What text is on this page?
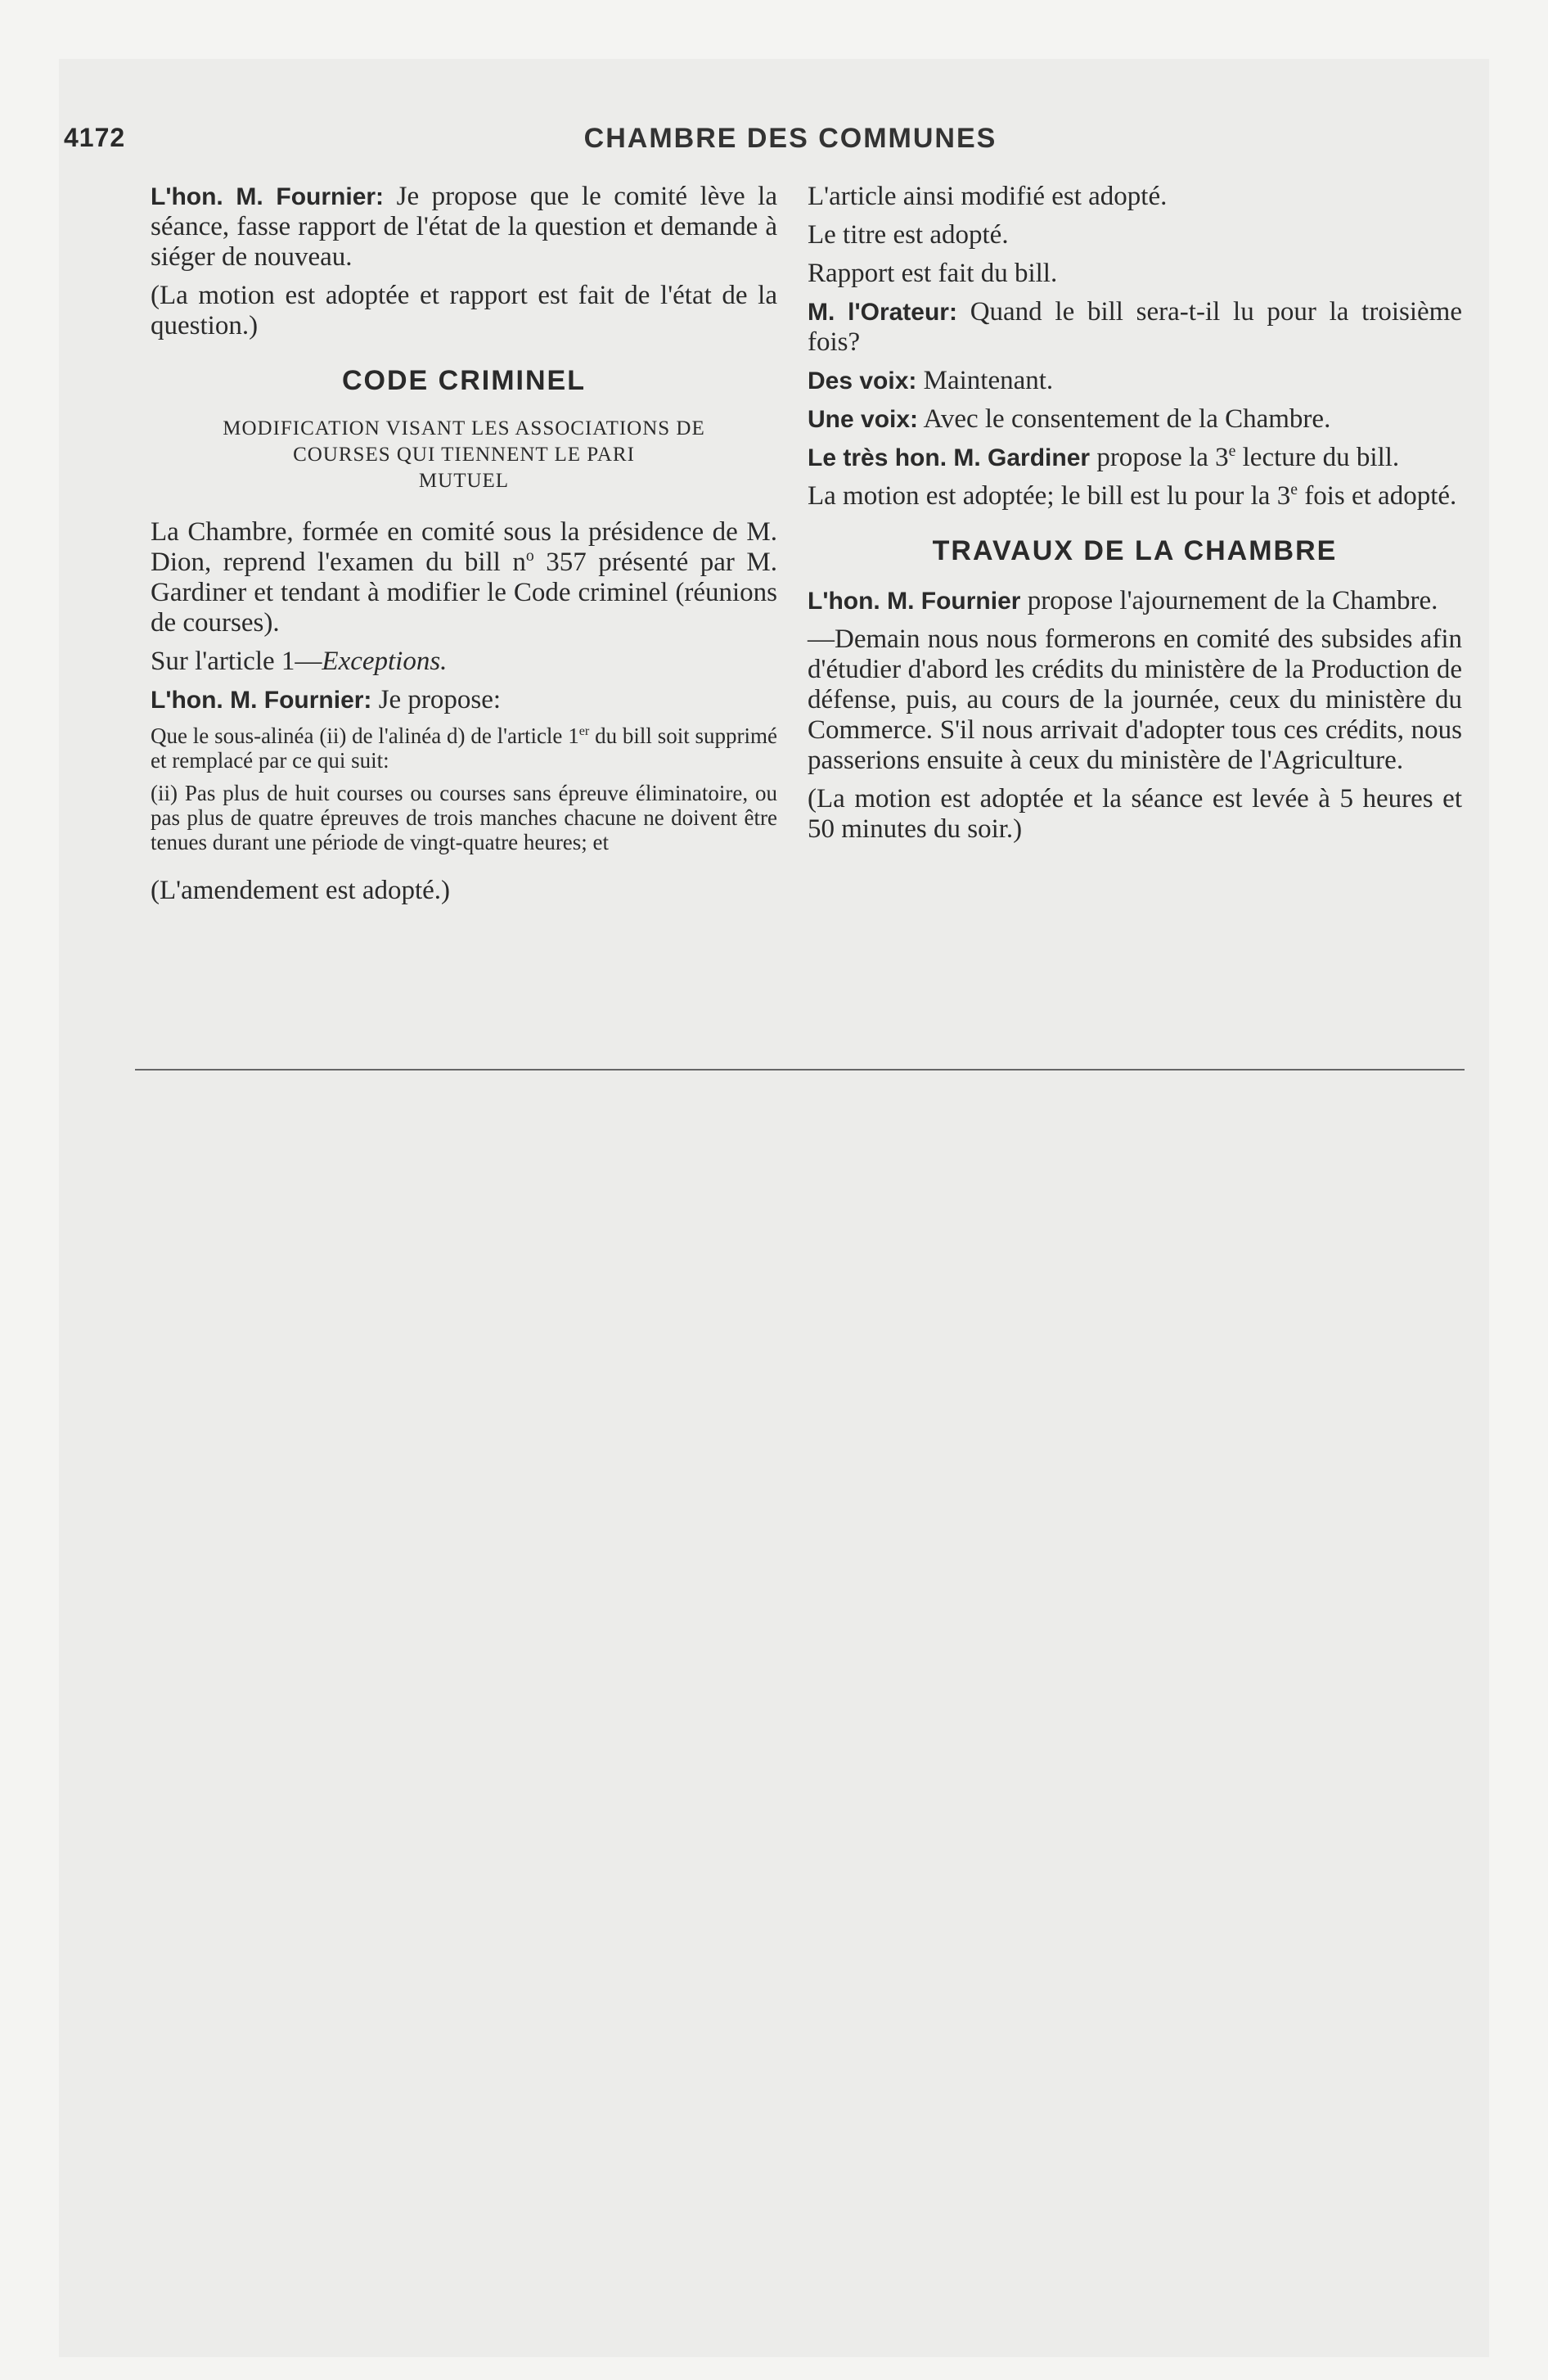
4172	CHAMBRE DES COMMUNES

L'hon. M. Fournier: Je propose que le comité lève la séance, fasse rapport de l'état de la question et demande à siéger de nouveau.

(La motion est adoptée et rapport est fait de l'état de la question.)

CODE CRIMINEL
MODIFICATION VISANT LES ASSOCIATIONS DE
COURSES QUI TIENNENT LE PARI
MUTUEL

La Chambre, formée en comité sous la présidence de M. Dion, reprend l'examen du bill $n^o$ 357 présenté par M. Gardiner et tendant à modifier le Code criminel (réunions de courses).

Sur l'article 1—Exceptions.

L'hon. M. Fournier: Je propose:

Que le sous-alinéa (ii) de l'alinéa d) de l'article 1er du bill soit supprimé et remplacé par ce qui suit:

(ii) Pas plus de huit courses ou courses sans épreuve éliminatoire, ou pas plus de quatre épreuves de trois manches chacune ne doivent être tenues durant une période de vingt-quatre heures; et

(L'amendement est adopté.)

L'article ainsi modifié est adopté.

Le titre est adopté.

Rapport est fait du bill.

M. l'Orateur: Quand le bill sera-t-il lu pour la troisième fois?

Des voix: Maintenant.

Une voix: Avec le consentement de la Chambre.

Le très hon. M. Gardiner propose la 3e lecture du bill.

La motion est adoptée; le bill est lu pour la 3e fois et adopté.

TRAVAUX DE LA CHAMBRE

L'hon. M. Fournier propose l'ajournement de la Chambre.

—Demain nous nous formerons en comité des subsides afin d'étudier d'abord les crédits du ministère de la Production de défense, puis, au cours de la journée, ceux du ministère du Commerce. S'il nous arrivait d'adopter tous ces crédits, nous passerions ensuite à ceux du ministère de l'Agriculture.

(La motion est adoptée et la séance est levée à 5 heures et 50 minutes du soir.)
